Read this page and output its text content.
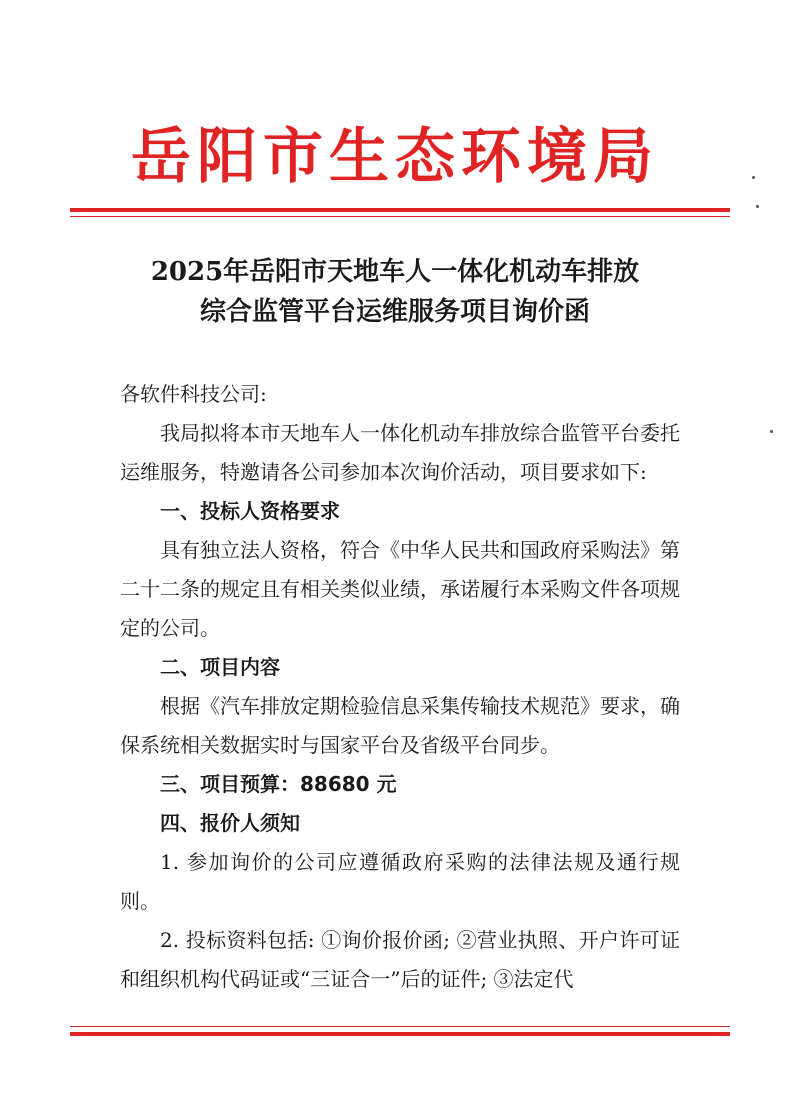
岳阳市生态环境局
2025年岳阳市天地车人一体化机动车排放
综合监管平台运维服务项目询价函

各软件科技公司:

我局拟将本市天地车人一体化机动车排放综合监管平台委托运维服务，特邀请各公司参加本次询价活动，项目要求如下:

一、投标人资格要求

具有独立法人资格，符合《中华人民共和国政府采购法》第二十二条的规定且有相关类似业绩，承诺履行本采购文件各项规定的公司。

二、项目内容

根据《汽车排放定期检验信息采集传输技术规范》要求，确保系统相关数据实时与国家平台及省级平台同步。

三、项目预算：88680 元

四、报价人须知

1. 参加询价的公司应遵循政府采购的法律法规及通行规则。

2. 投标资料包括: ①询价报价函; ②营业执照、开户许可证和组织机构代码证或“三证合一”后的证件; ③法定代
